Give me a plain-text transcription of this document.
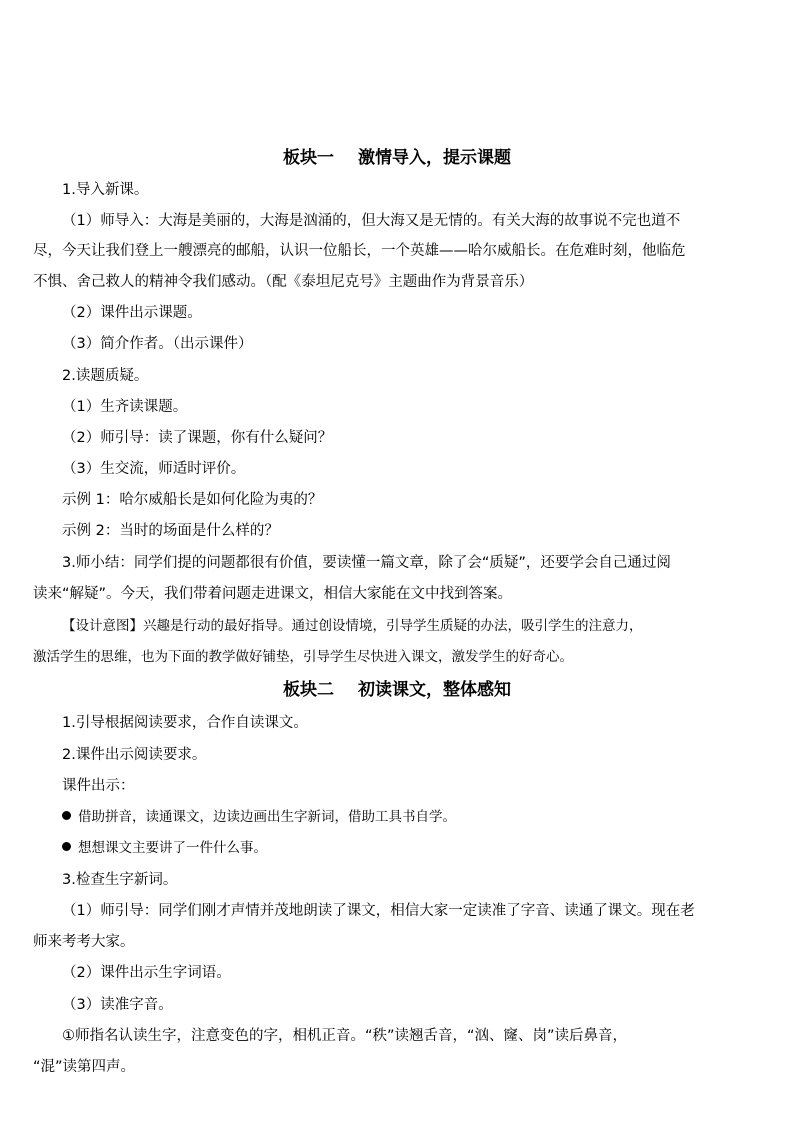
板块一 激情导入，提示课题
1.导入新课。
（1）师导入：大海是美丽的，大海是汹涌的，但大海又是无情的。有关大海的故事说不完也道不
尽，今天让我们登上一艘漂亮的邮船，认识一位船长，一个英雄——哈尔威船长。在危难时刻，他临危
不惧、舍己救人的精神令我们感动。（配《泰坦尼克号》主题曲作为背景音乐）
（2）课件出示课题。
（3）简介作者。（出示课件）
2.读题质疑。
（1）生齐读课题。
（2）师引导：读了课题，你有什么疑问？
（3）生交流，师适时评价。
示例 1：哈尔威船长是如何化险为夷的？
示例 2：当时的场面是什么样的？
3.师小结：同学们提的问题都很有价值，要读懂一篇文章，除了会“质疑”，还要学会自己通过阅
读来“解疑”。今天，我们带着问题走进课文，相信大家能在文中找到答案。
【设计意图】兴趣是行动的最好指导。通过创设情境，引导学生质疑的办法，吸引学生的注意力，
激活学生的思维，也为下面的教学做好铺垫，引导学生尽快进入课文，激发学生的好奇心。
板块二 初读课文，整体感知
1.引导根据阅读要求，合作自读课文。
2.课件出示阅读要求。
课件出示：
借助拼音，读通课文，边读边画出生字新词，借助工具书自学。
想想课文主要讲了一件什么事。
3.检查生字新词。
（1）师引导：同学们刚才声情并茂地朗读了课文，相信大家一定读准了字音、读通了课文。现在老
师来考考大家。
（2）课件出示生字词语。
（3）读准字音。
①师指名认读生字，注意变色的字，相机正音。“秩”读翘舌音，“汹、窿、岗”读后鼻音，
“混”读第四声。
